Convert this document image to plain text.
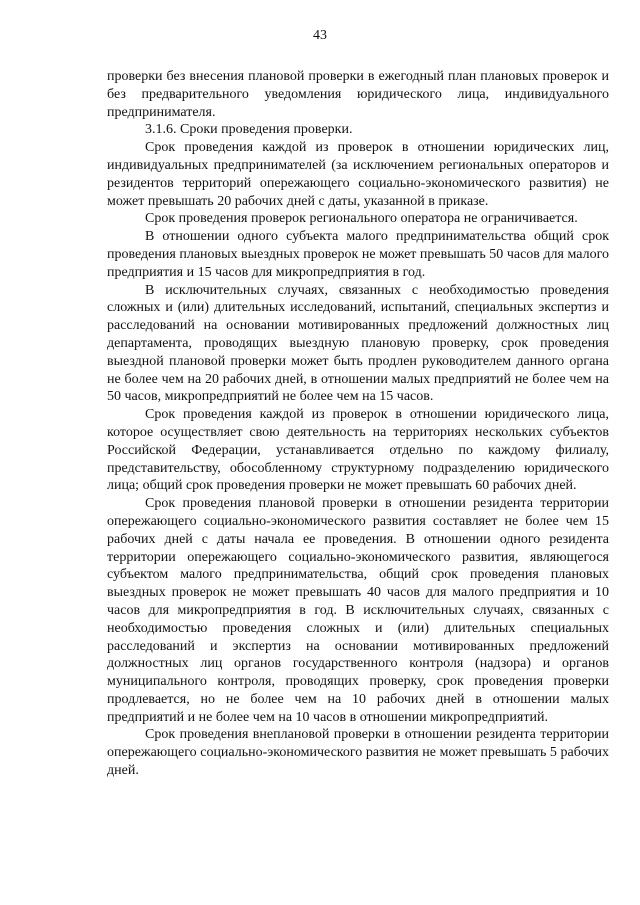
43

проверки без внесения плановой проверки в ежегодный план плановых проверок и без предварительного уведомления юридического лица, индивидуального предпринимателя.

3.1.6. Сроки проведения проверки.

Срок проведения каждой из проверок в отношении юридических лиц, индивидуальных предпринимателей (за исключением региональных операторов и резидентов территорий опережающего социально-экономического развития) не может превышать 20 рабочих дней с даты, указанной в приказе.

Срок проведения проверок регионального оператора не ограничивается.

В отношении одного субъекта малого предпринимательства общий срок проведения плановых выездных проверок не может превышать 50 часов для малого предприятия и 15 часов для микропредприятия в год.

В исключительных случаях, связанных с необходимостью проведения сложных и (или) длительных исследований, испытаний, специальных экспертиз и расследований на основании мотивированных предложений должностных лиц департамента, проводящих выездную плановую проверку, срок проведения выездной плановой проверки может быть продлен руководителем данного органа не более чем на 20 рабочих дней, в отношении малых предприятий не более чем на 50 часов, микропредприятий не более чем на 15 часов.

Срок проведения каждой из проверок в отношении юридического лица, которое осуществляет свою деятельность на территориях нескольких субъектов Российской Федерации, устанавливается отдельно по каждому филиалу, представительству, обособленному структурному подразделению юридического лица; общий срок проведения проверки не может превышать 60 рабочих дней.

Срок проведения плановой проверки в отношении резидента территории опережающего социально-экономического развития составляет не более чем 15 рабочих дней с даты начала ее проведения. В отношении одного резидента территории опережающего социально-экономического развития, являющегося субъектом малого предпринимательства, общий срок проведения плановых выездных проверок не может превышать 40 часов для малого предприятия и 10 часов для микропредприятия в год. В исключительных случаях, связанных с необходимостью проведения сложных и (или) длительных специальных расследований и экспертиз на основании мотивированных предложений должностных лиц органов государственного контроля (надзора) и органов муниципального контроля, проводящих проверку, срок проведения проверки продлевается, но не более чем на 10 рабочих дней в отношении малых предприятий и не более чем на 10 часов в отношении микропредприятий.

Срок проведения внеплановой проверки в отношении резидента территории опережающего социально-экономического развития не может превышать 5 рабочих дней.
